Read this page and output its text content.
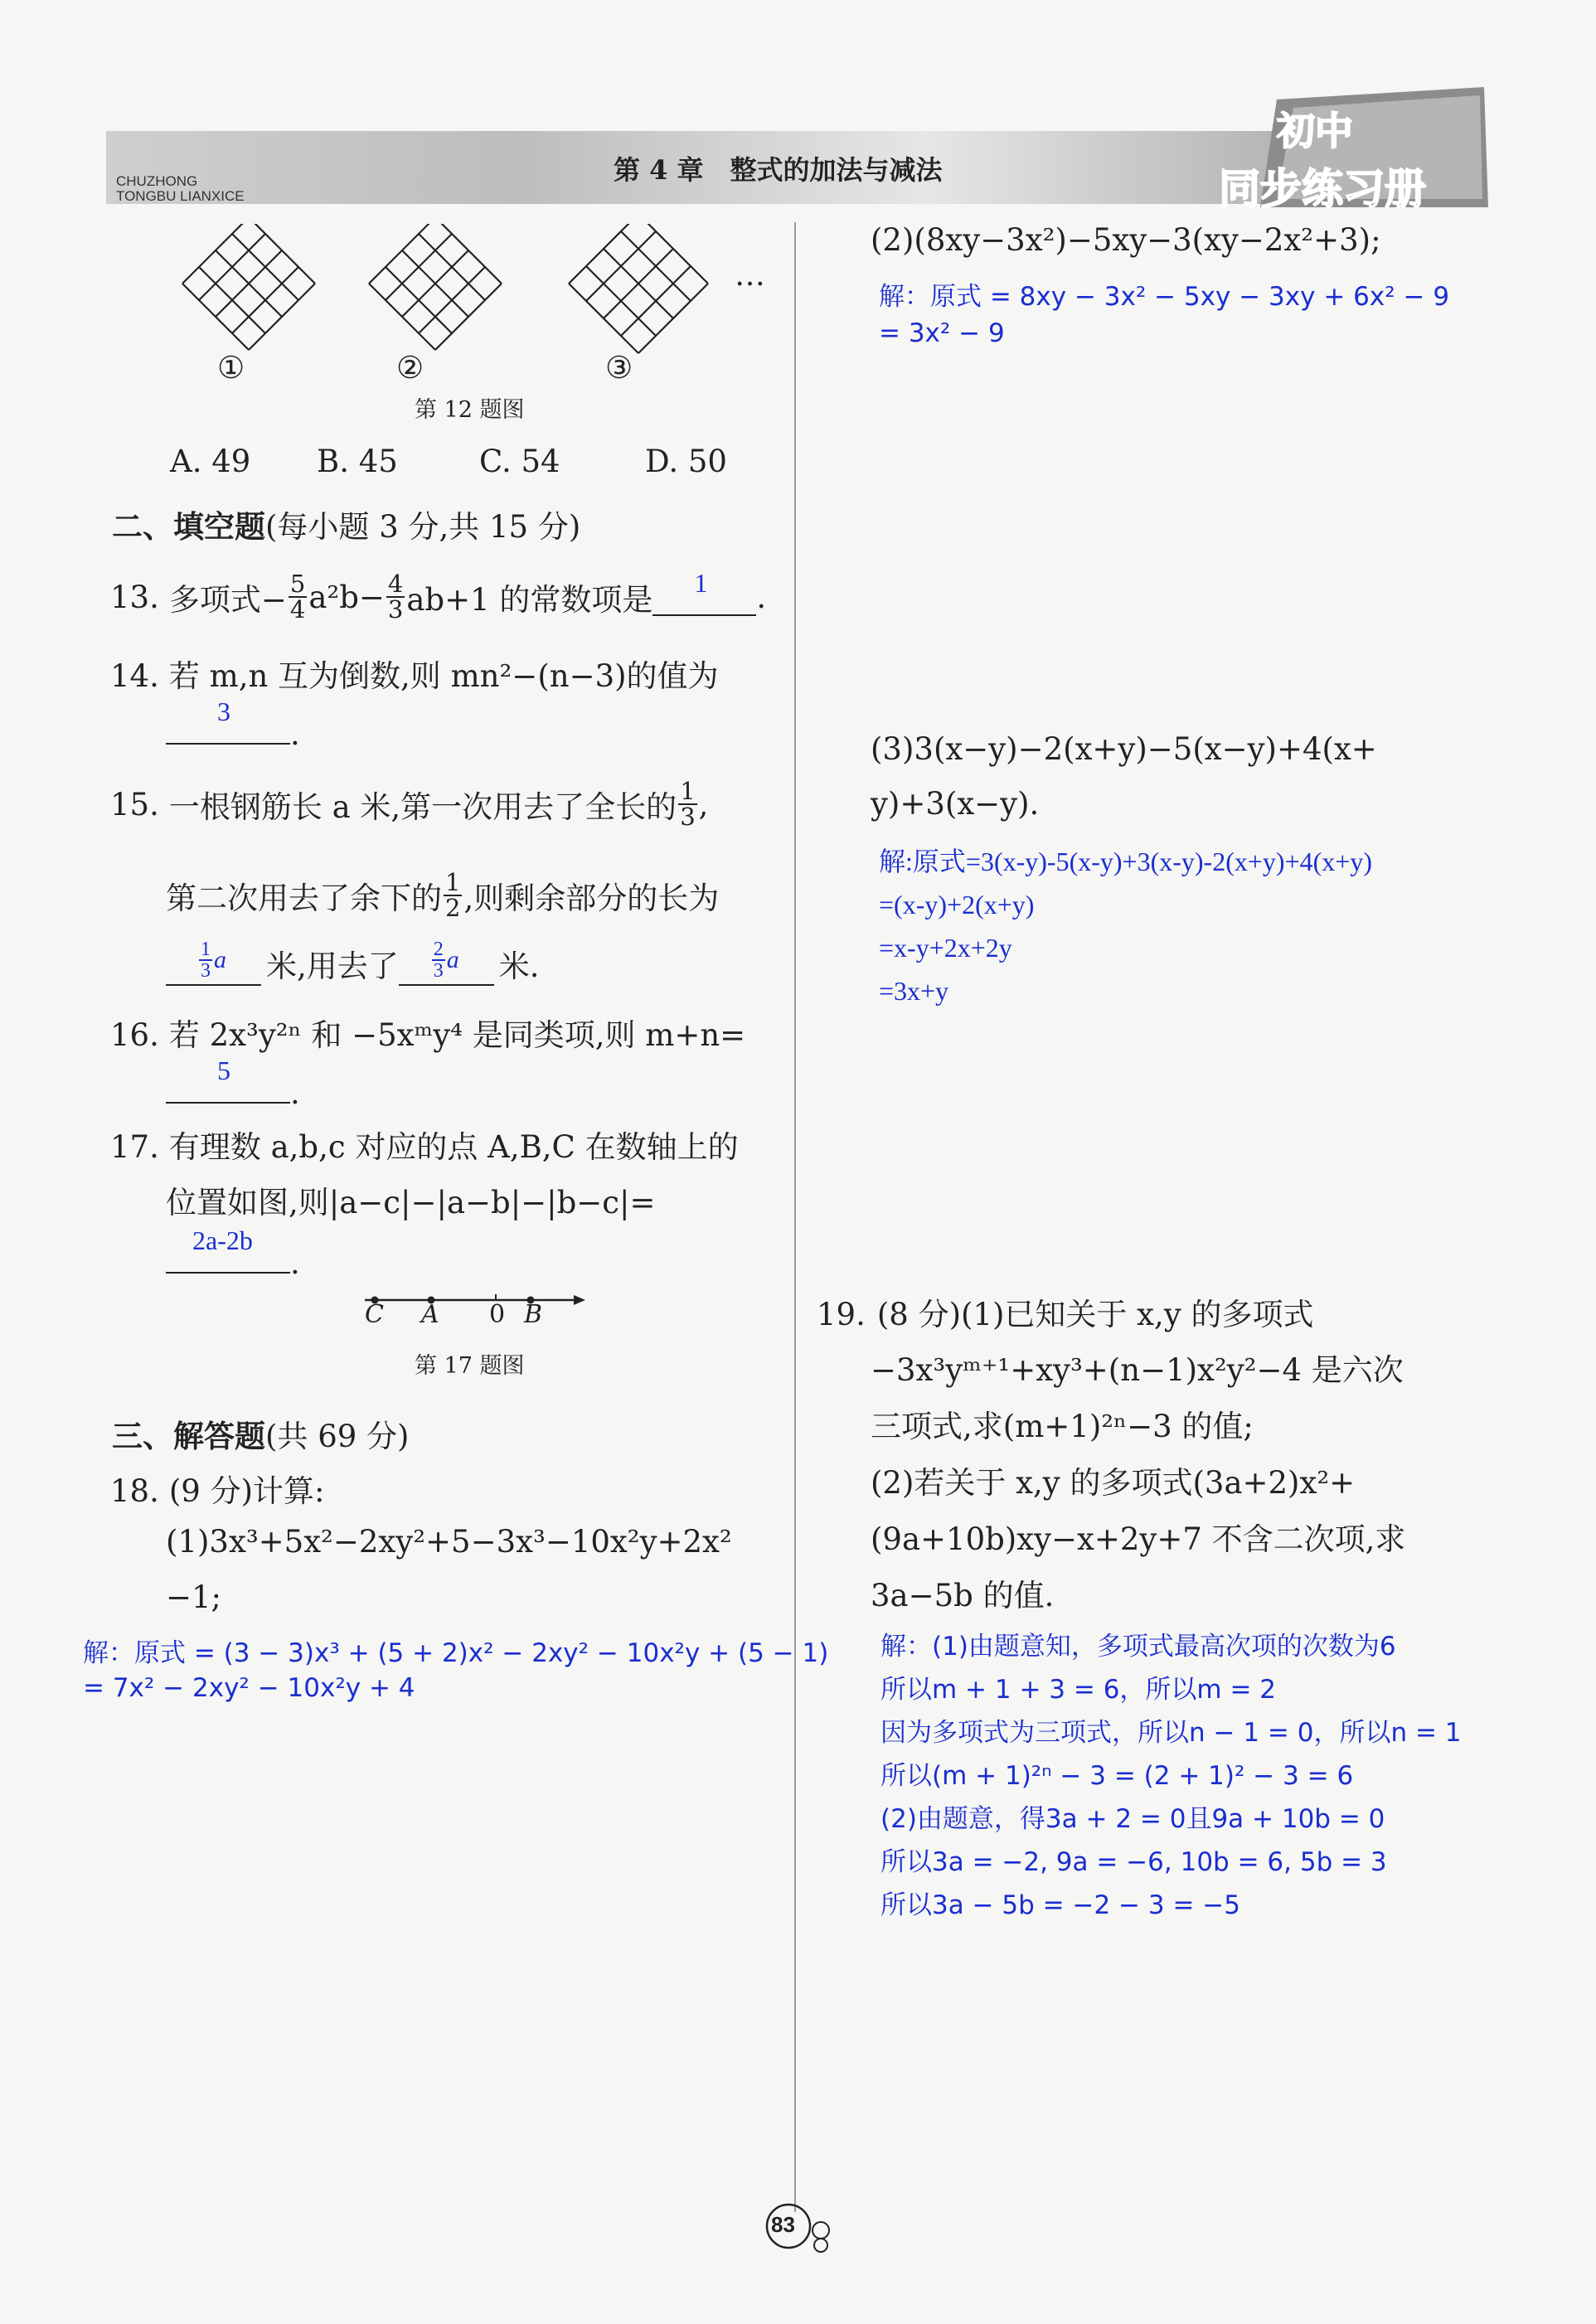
CHUZHONG
TONGBU LIANXICE
第 4 章　整式的加法与减法
初中
同步练习册
①	②	③
…
第 12 题图
A. 49 B. 45	C. 54	D. 50
二、填空题(每小题 3 分,共 15 分)
13. 多项式− $\frac{5}{4} a^2b- \frac{4}{3} ab+1$ 的常数项是 1 .
14. 若 m,n 互为倒数,则 mn²−(n−3)的值为
3
.
15. 一根钢筋长 a 米,第一次用去了全长的 $\frac{1}{3}$ ,
第二次用去了余下的 $\frac{1}{2}$ ,则剩余部分的长为
$\frac{1}{3}$ a 米,用去了 $\frac{2}{3}$ a 米.
16. 若 2x³y²ⁿ 和 −5xᵐy⁴ 是同类项,则 m+n=
5
.
17. 有理数 a,b,c 对应的点 A,B,C 在数轴上的
位置如图,则|a−c|−|a−b|−|b−c|=
2a-2b
.
C A 0 B
第 17 题图
三、解答题(共 69 分)
18. (9 分)计算:
(1)3x³+5x²−2xy²+5−3x³−10x²y+2x²
−1;
解：原式 = (3 − 3)x³ + (5 + 2)x² − 2xy² − 10x²y + (5 − 1)
= 7x² − 2xy² − 10x²y + 4
(2)(8xy−3x²)−5xy−3(xy−2x²+3);
解：原式 = 8xy − 3x² − 5xy − 3xy + 6x² − 9
= 3x² − 9
(3)3(x−y)−2(x+y)−5(x−y)+4(x+
y)+3(x−y).
解:原式=3(x-y)-5(x-y)+3(x-y)-2(x+y)+4(x+y)
=(x-y)+2(x+y)
=x-y+2x+2y
=3x+y
19. (8 分)(1)已知关于 x,y 的多项式
−3x³yᵐ⁺¹+xy³+(n−1)x²y²−4 是六次
三项式,求(m+1)²ⁿ−3 的值;
(2)若关于 x,y 的多项式(3a+2)x²+
(9a+10b)xy−x+2y+7 不含二次项,求
3a−5b 的值.
解：(1)由题意知，多项式最高次项的次数为6
所以m + 1 + 3 = 6，所以m = 2
因为多项式为三项式，所以n − 1 = 0，所以n = 1
所以(m + 1)²ⁿ − 3 = (2 + 1)² − 3 = 6
(2)由题意，得3a + 2 = 0且9a + 10b = 0
所以3a = −2, 9a = −6, 10b = 6, 5b = 3
所以3a − 5b = −2 − 3 = −5
83
